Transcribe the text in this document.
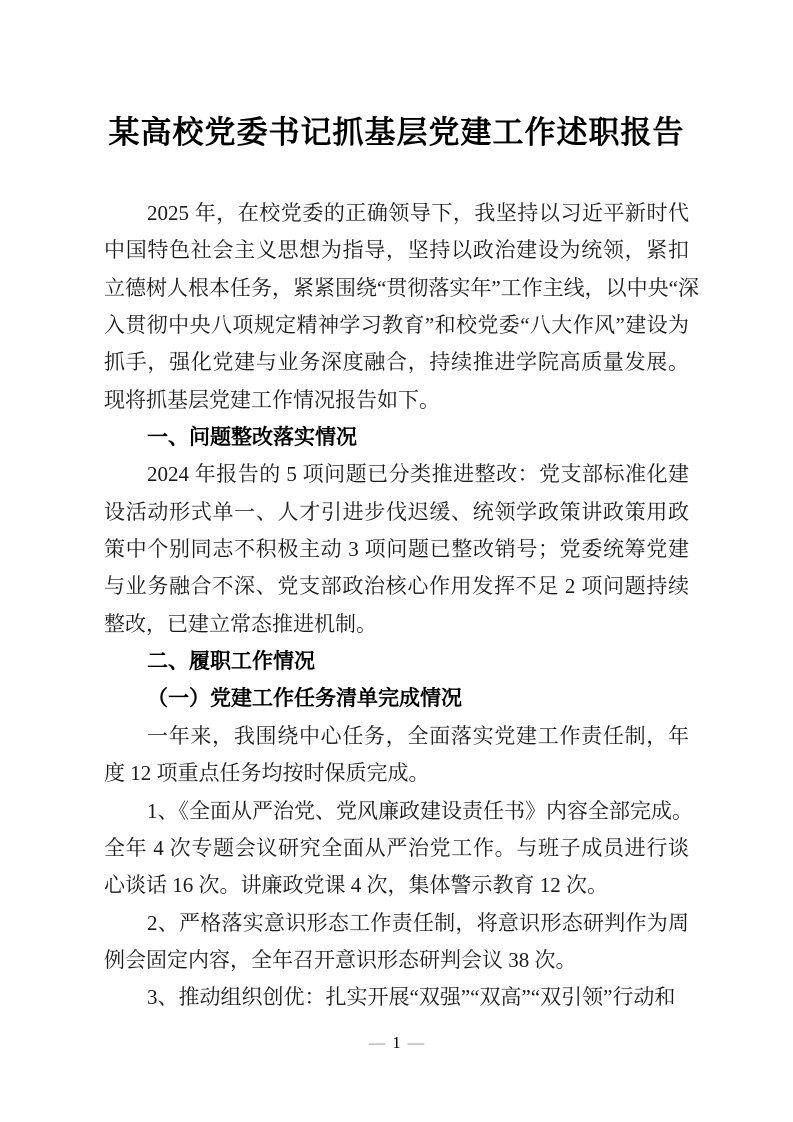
某高校党委书记抓基层党建工作述职报告
2025 年，在校党委的正确领导下，我坚持以习近平新时代
中国特色社会主义思想为指导，坚持以政治建设为统领，紧扣
立德树人根本任务，紧紧围绕“贯彻落实年”工作主线，以中央“深
入贯彻中央八项规定精神学习教育”和校党委“八大作风”建设为
抓手，强化党建与业务深度融合，持续推进学院高质量发展。
现将抓基层党建工作情况报告如下。
一、问题整改落实情况
2024 年报告的 5 项问题已分类推进整改：党支部标准化建
设活动形式单一、人才引进步伐迟缓、统领学政策讲政策用政
策中个别同志不积极主动 3 项问题已整改销号；党委统筹党建
与业务融合不深、党支部政治核心作用发挥不足 2 项问题持续
整改，已建立常态推进机制。
二、履职工作情况
（一）党建工作任务清单完成情况
一年来，我围绕中心任务，全面落实党建工作责任制，年
度 12 项重点任务均按时保质完成。
1、《全面从严治党、党风廉政建设责任书》内容全部完成。
全年 4 次专题会议研究全面从严治党工作。与班子成员进行谈
心谈话 16 次。讲廉政党课 4 次，集体警示教育 12 次。
2、严格落实意识形态工作责任制，将意识形态研判作为周
例会固定内容，全年召开意识形态研判会议 38 次。
3、推动组织创优：扎实开展“双强”“双高”“双引领”行动和
— 1 —
